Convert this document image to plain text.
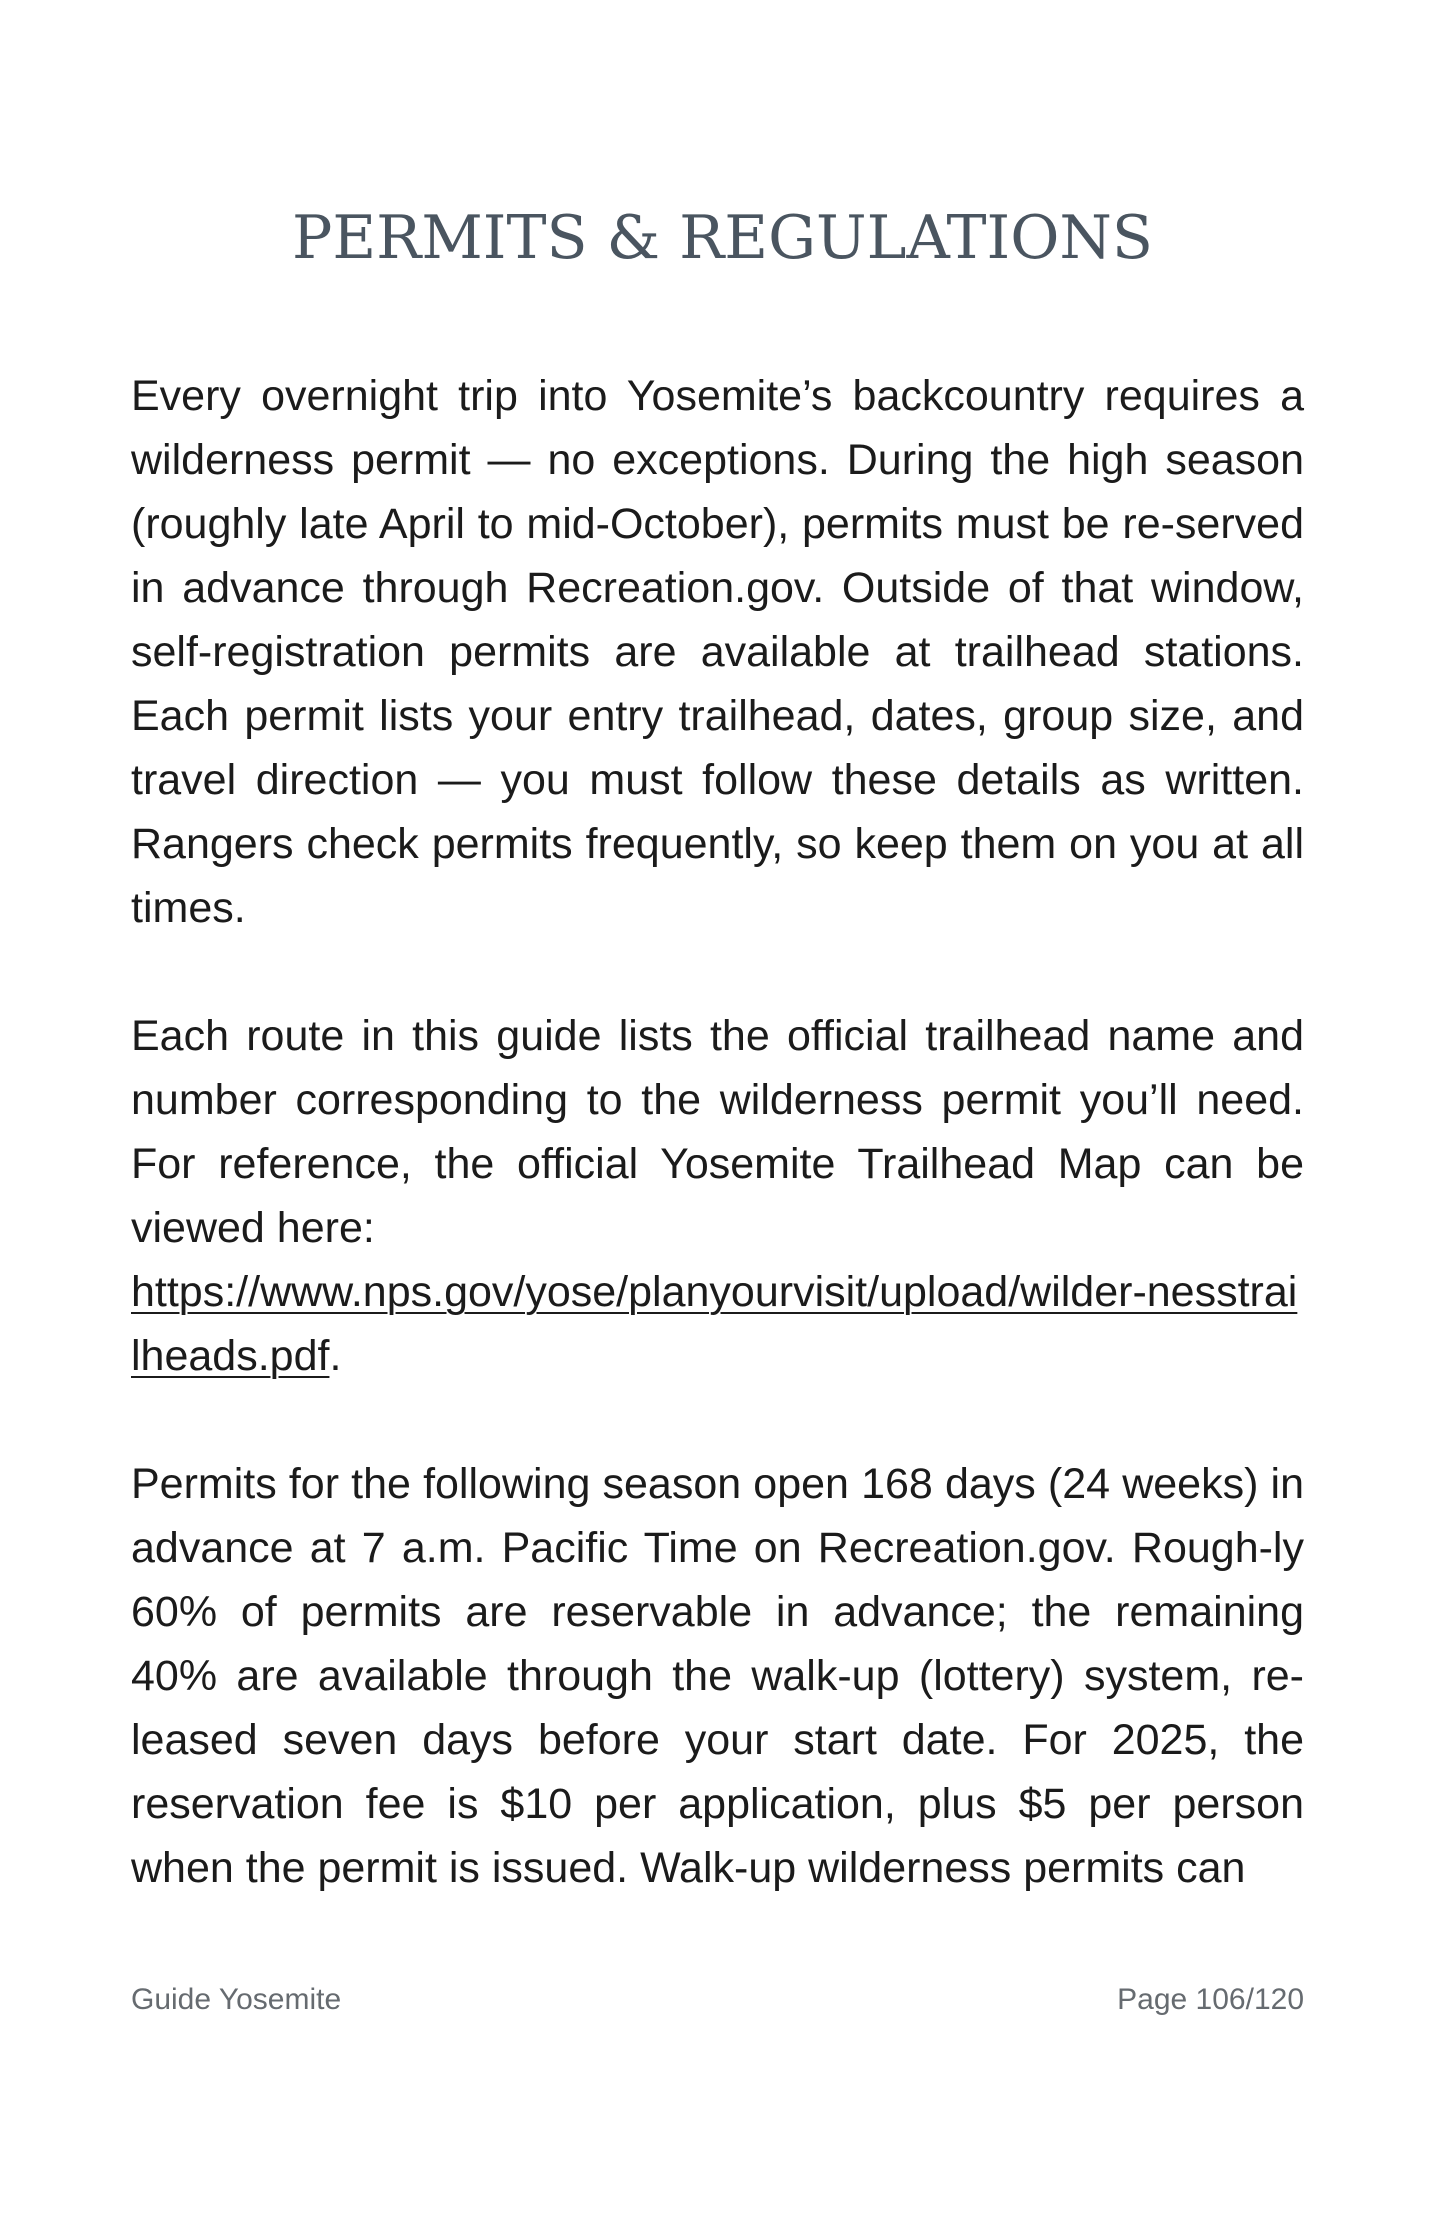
PERMITS & REGULATIONS

Every overnight trip into Yosemite’s backcountry requires a wilderness permit — no exceptions. During the high season (roughly late April to mid-October), permits must be re-served in advance through Recreation.gov. Outside of that window, self-registration permits are available at trailhead stations. Each permit lists your entry trailhead, dates, group size, and travel direction — you must follow these details as written. Rangers check permits frequently, so keep them on you at all times.

Each route in this guide lists the official trailhead name and number corresponding to the wilderness permit you’ll need. For reference, the official Yosemite Trailhead Map can be viewed here:
https://www.nps.gov/yose/planyourvisit/upload/wilder-nesstrailheads.pdf.

Permits for the following season open 168 days (24 weeks) in advance at 7 a.m. Pacific Time on Recreation.gov. Rough-ly 60% of permits are reservable in advance; the remaining 40% are available through the walk-up (lottery) system, re-leased seven days before your start date. For 2025, the reservation fee is $10 per application, plus $5 per person when the permit is issued. Walk-up wilderness permits can

Guide Yosemite	Page 106/120
